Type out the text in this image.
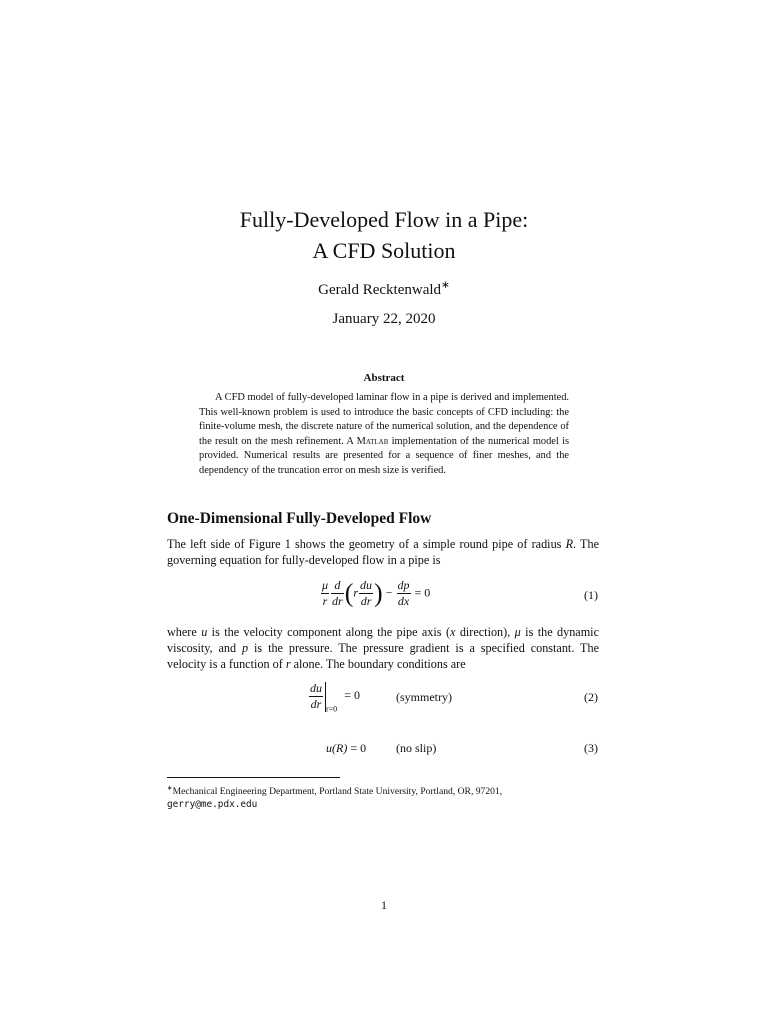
Fully-Developed Flow in a Pipe:
A CFD Solution
Gerald Recktenwald∗
January 22, 2020
Abstract
A CFD model of fully-developed laminar flow in a pipe is derived and implemented. This well-known problem is used to introduce the basic concepts of CFD including: the finite-volume mesh, the discrete nature of the numerical solution, and the dependence of the result on the mesh refinement. A Matlab implementation of the numerical model is provided. Numerical results are presented for a sequence of finer meshes, and the dependency of the truncation error on mesh size is verified.
One-Dimensional Fully-Developed Flow
The left side of Figure 1 shows the geometry of a simple round pipe of radius R. The governing equation for fully-developed flow in a pipe is
$\frac{\mu}{r} \frac{d}{dr} (r \frac{du}{dr}$ ) − $\frac{dp}{dx} = 0$	(1)
where u is the velocity component along the pipe axis (x direction), μ is the dynamic viscosity, and p is the pressure. The pressure gradient is a specified constant. The velocity is a function of r alone. The boundary conditions are
$\frac{du}{dr} _{r=0} = 0$	(symmetry)	(2)
u(R) = 0 (no slip)	(3)
∗Mechanical Engineering Department, Portland State University, Portland, OR, 97201,
gerry@me.pdx.edu
1
